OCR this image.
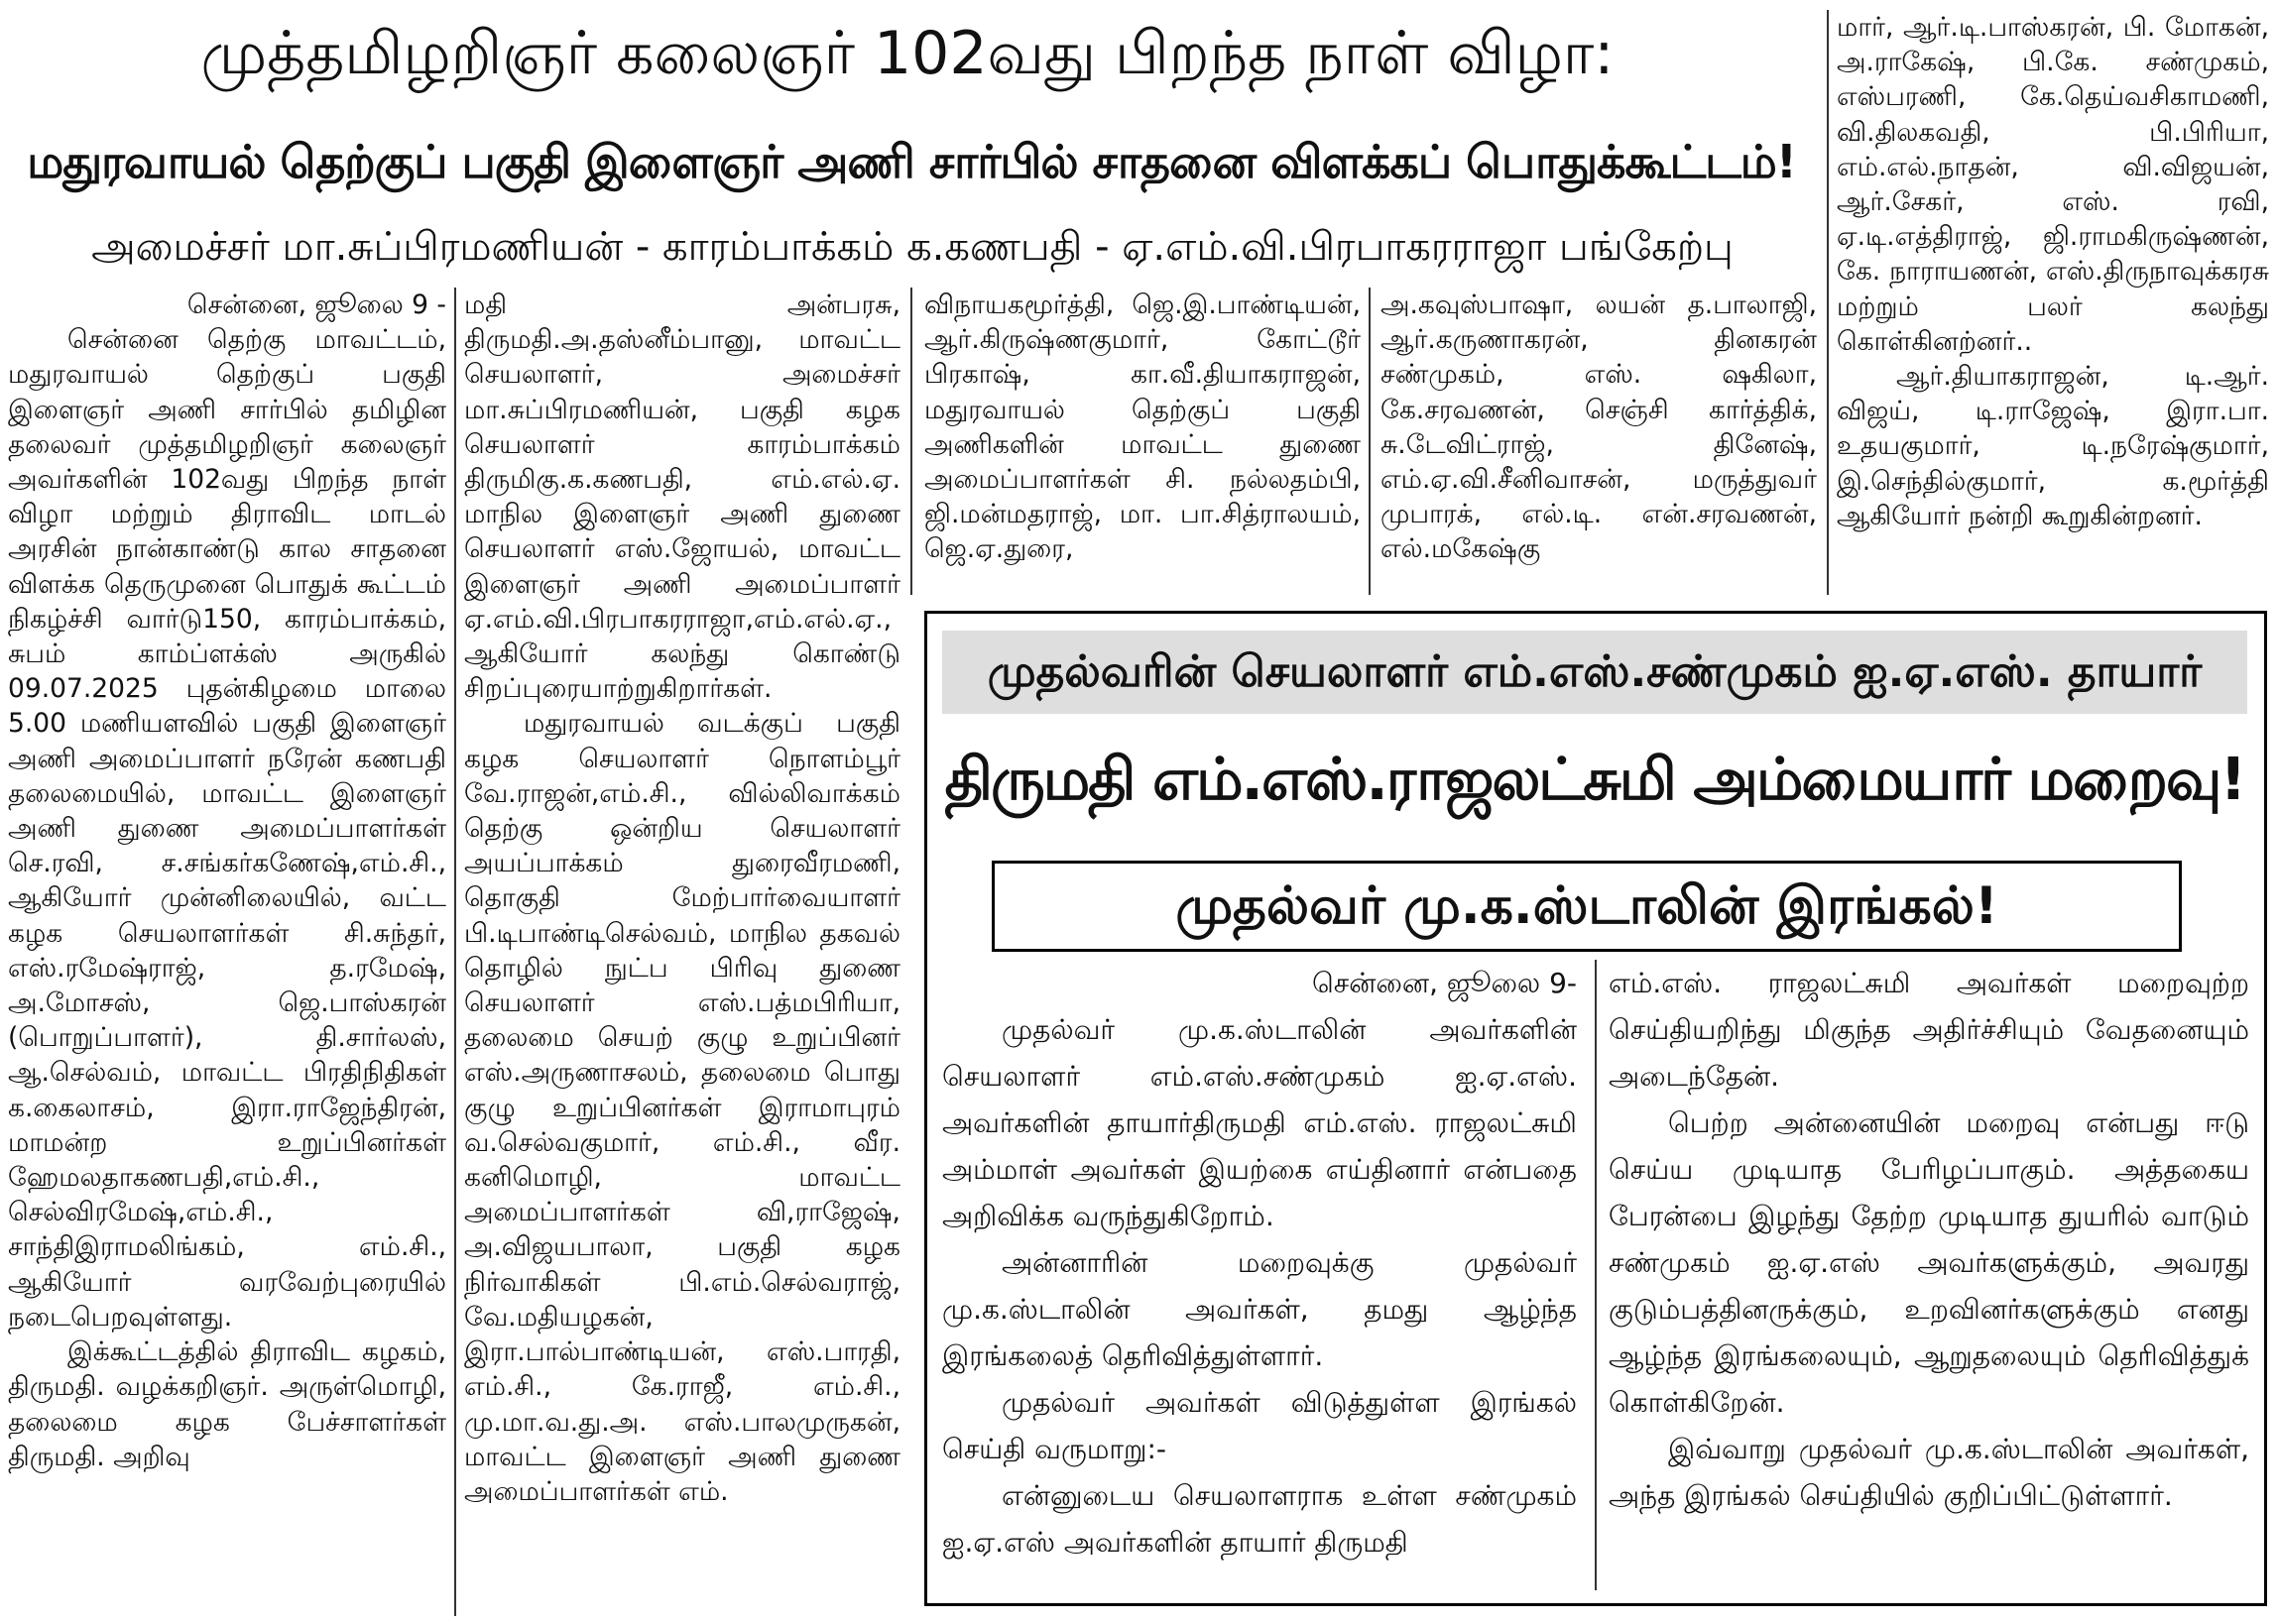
முத்தமிழறிஞர் கலைஞர் 102வது பிறந்த நாள் விழா:
மதுரவாயல் தெற்குப் பகுதி இளைஞர் அணி சார்பில் சாதனை விளக்கப் பொதுக்கூட்டம்!
அமைச்சர் மா.சுப்பிரமணியன் - காரம்பாக்கம் க.கணபதி - ஏ.எம்.வி.பிரபாகரராஜா பங்கேற்பு

சென்னை, ஜூலை 9 -

சென்னை தெற்கு மாவட்டம், மதுரவாயல் தெற்குப் பகுதி இளைஞர் அணி சார்பில் தமிழின தலைவர் முத்தமிழறிஞர் கலைஞர் அவர்களின் 102வது பிறந்த நாள் விழா மற்றும் திராவிட மாடல் அரசின் நான்காண்டு கால சாதனை விளக்க தெருமுனை பொதுக் கூட்டம் நிகழ்ச்சி வார்டு150, காரம்பாக்கம், சுபம் காம்ப்ளக்ஸ் அருகில் 09.07.2025 புதன்கிழமை மாலை 5.00 மணியளவில் பகுதி இளைஞர் அணி அமைப்பாளர் நரேன் கணபதி தலைமையில், மாவட்ட இளைஞர் அணி துணை அமைப்பாளர்கள் செ.ரவி, ச.சங்கர்கணேஷ்,எம்.சி., ஆகியோர் முன்னிலையில், வட்ட கழக செயலாளர்கள் சி.சுந்தர், எஸ்.ரமேஷ்ராஜ், த.ரமேஷ், அ.மோசஸ், ஜெ.பாஸ்கரன் (பொறுப்பாளர்), தி.சார்லஸ், ஆ.செல்வம், மாவட்ட பிரதிநிதிகள் க.கைலாசம், இரா.ராஜேந்திரன், மாமன்ற உறுப்பினர்கள் ஹேமலதாகணபதி,எம்.சி., செல்விரமேஷ்,எம்.சி., சாந்திஇராமலிங்கம், எம்.சி., ஆகியோர் வரவேற்புரையில் நடைபெறவுள்ளது.

இக்கூட்டத்தில் திராவிட கழகம், திருமதி. வழக்கறிஞர். அருள்மொழி, தலைமை கழக பேச்சாளர்கள் திருமதி. அறிவு

மதி அன்பரசு, திருமதி.அ.தஸ்னீம்பானு, மாவட்ட செயலாளர், அமைச்சர் மா.சுப்பிரமணியன், பகுதி கழக செயலாளர் காரம்பாக்கம் திருமிகு.க.கணபதி, எம்.எல்.ஏ. மாநில இளைஞர் அணி துணை செயலாளர் எஸ்.ஜோயல், மாவட்ட இளைஞர் அணி அமைப்பாளர் ஏ.எம்.வி.பிரபாகரராஜா,எம்.எல்.ஏ., ஆகியோர் கலந்து கொண்டு சிறப்புரையாற்றுகிறார்கள்.

மதுரவாயல் வடக்குப் பகுதி கழக செயலாளர் நொளம்பூர் வே.ராஜன்,எம்.சி., வில்லிவாக்கம் தெற்கு ஒன்றிய செயலாளர் அயப்பாக்கம் துரைவீரமணி, தொகுதி மேற்பார்வையாளர் பி.டிபாண்டிசெல்வம், மாநில தகவல் தொழில் நுட்ப பிரிவு துணை செயலாளர் எஸ்.பத்மபிரியா, தலைமை செயற் குழு உறுப்பினர் எஸ்.அருணாசலம், தலைமை பொது குழு உறுப்பினர்கள் இராமாபுரம் வ.செல்வகுமார், எம்.சி., வீர. கனிமொழி, மாவட்ட அமைப்பாளர்கள் வி,ராஜேஷ், அ.விஜயபாலா, பகுதி கழக நிர்வாகிகள் பி.எம்.செல்வராஜ், வே.மதியழகன், இரா.பால்பாண்டியன், எஸ்.பாரதி, எம்.சி., கே.ராஜீ, எம்.சி., மு.மா.வ.து.அ. எஸ்.பாலமுருகன், மாவட்ட இளைஞர் அணி துணை அமைப்பாளர்கள் எம்.

விநாயகமூர்த்தி, ஜெ.இ.பாண்டியன், ஆர்.கிருஷ்ணகுமார், கோட்டூர் பிரகாஷ், கா.வீ.தியாகராஜன், மதுரவாயல் தெற்குப் பகுதி அணிகளின் மாவட்ட துணை அமைப்பாளர்கள் சி. நல்லதம்பி, ஜி.மன்மதராஜ், மா. பா.சித்ராலயம், ஜெ.ஏ.துரை,

அ.கவுஸ்பாஷா, லயன் த.பாலாஜி, ஆர்.கருணாகரன், தினகரன் சண்முகம், எஸ். ஷகிலா, கே.சரவணன், செஞ்சி கார்த்திக், சு.டேவிட்ராஜ், தினேஷ், எம்.ஏ.வி.சீனிவாசன், மருத்துவர் முபாரக், எல்.டி. என்.சரவணன், எல்.மகேஷ்கு

மார், ஆர்.டி.பாஸ்கரன், பி. மோகன், அ.ராகேஷ், பி.கே. சண்முகம், எஸ்பரணி, கே.தெய்வசிகாமணி, வி.திலகவதி, பி.பிரியா, எம்.எல்.நாதன், வி.விஜயன், ஆர்.சேகர், எஸ். ரவி, ஏ.டி.எத்திராஜ், ஜி.ராமகிருஷ்ணன், கே. நாராயணன், எஸ்.திருநாவுக்கரசு மற்றும் பலர் கலந்து கொள்கினற்னர்..

ஆர்.தியாகராஜன், டி.ஆர். விஜய், டி.ராஜேஷ், இரா.பா. உதயகுமார், டி.நரேஷ்குமார், இ.செந்தில்குமார், க.மூர்த்தி ஆகியோர் நன்றி கூறுகின்றனர்.

முதல்வரின் செயலாளர் எம்.எஸ்.சண்முகம் ஐ.ஏ.எஸ். தாயார்
திருமதி எம்.எஸ்.ராஜலட்சுமி அம்மையார் மறைவு!
முதல்வர் மு.க.ஸ்டாலின் இரங்கல்!

சென்னை, ஜூலை 9-

முதல்வர் மு.க.ஸ்டாலின் அவர்களின் செயலாளர் எம்.எஸ்.சண்முகம் ஐ.ஏ.எஸ். அவர்களின் தாயார்திருமதி எம்.எஸ். ராஜலட்சுமி அம்மாள் அவர்கள் இயற்கை எய்தினார் என்பதை அறிவிக்க வருந்துகிறோம்.

அன்னாரின் மறைவுக்கு முதல்வர் மு.க.ஸ்டாலின் அவர்கள், தமது ஆழ்ந்த இரங்கலைத் தெரிவித்துள்ளார்.

முதல்வர் அவர்கள் விடுத்துள்ள இரங்கல் செய்தி வருமாறு:-

என்னுடைய செயலாளராக உள்ள சண்முகம் ஐ.ஏ.எஸ் அவர்களின் தாயார் திருமதி

எம்.எஸ். ராஜலட்சுமி அவர்கள் மறைவுற்ற செய்தியறிந்து மிகுந்த அதிர்ச்சியும் வேதனையும் அடைந்தேன்.

பெற்ற அன்னையின் மறைவு என்பது ஈடு செய்ய முடியாத பேரிழப்பாகும். அத்தகைய பேரன்பை இழந்து தேற்ற முடியாத துயரில் வாடும் சண்முகம் ஐ.ஏ.எஸ் அவர்களுக்கும், அவரது குடும்பத்தினருக்கும், உறவினர்களுக்கும் எனது ஆழ்ந்த இரங்கலையும், ஆறுதலையும் தெரிவித்துக் கொள்கிறேன்.

இவ்வாறு முதல்வர் மு.க.ஸ்டாலின் அவர்கள், அந்த இரங்கல் செய்தியில் குறிப்பிட்டுள்ளார்.
